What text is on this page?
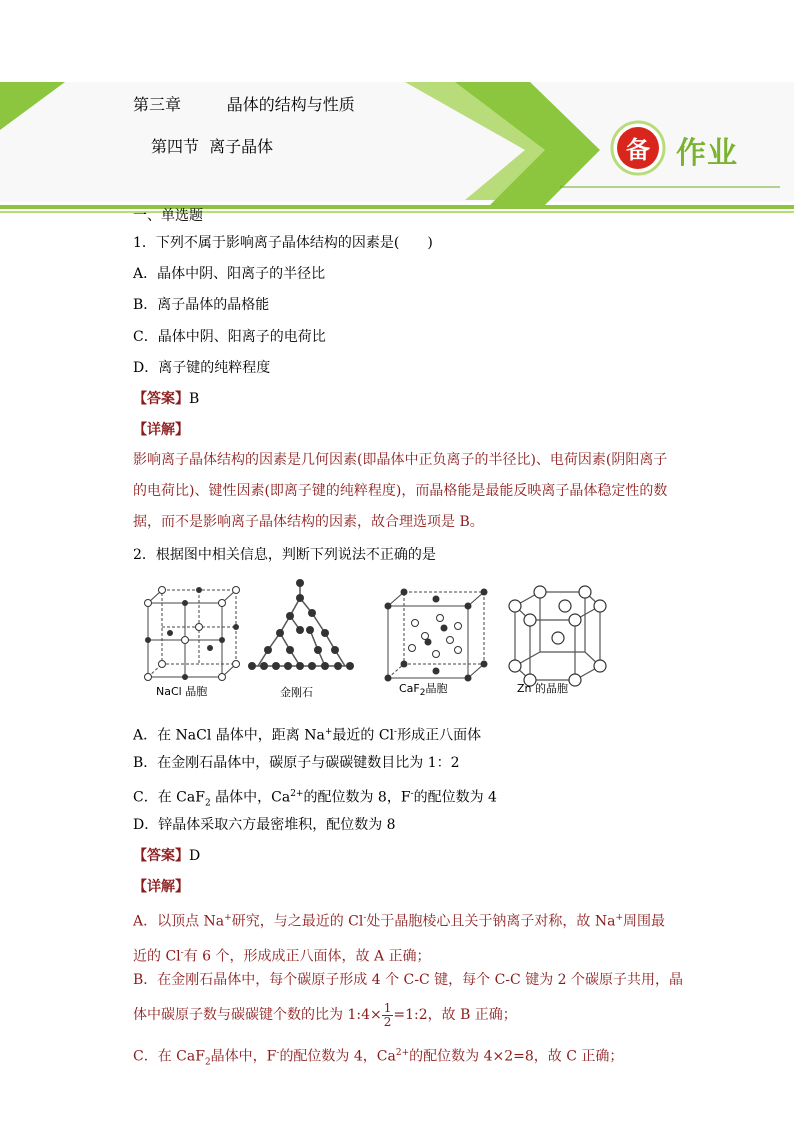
备
第三章         晶体的结构与性质
第四节  离子晶体	作业
一、单选题
1．下列不属于影响离子晶体结构的因素是(　　)
A．晶体中阴、阳离子的半径比
B．离子晶体的晶格能
C．晶体中阴、阳离子的电荷比
D．离子键的纯粹程度
【答案】B
【详解】
影响离子晶体结构的因素是几何因素(即晶体中正负离子的半径比)、电荷因素(阴阳离子的电荷比)、键性因素(即离子键的纯粹程度)，而晶格能是最能反映离子晶体稳定性的数据，而不是影响离子晶体结构的因素，故合理选项是 B。
2．根据图中相关信息，判断下列说法不正确的是
NaCl 晶胞	金刚石	CaF$_2$晶胞	Zn 的晶胞
A．在 NaCl 晶体中，距离 Na+最近的 Cl-形成正八面体
B．在金刚石晶体中，碳原子与碳碳键数目比为 1：2
C．在 CaF$_2$ 晶体中，$Ca^{2+}$的配位数为 8，F-的配位数为 4
D．锌晶体采取六方最密堆积，配位数为 8
【答案】D
【详解】
A．以顶点 Na+研究，与之最近的 Cl-处于晶胞棱心且关于钠离子对称，故 Na+周围最近的 Cl-有 6 个，形成成正八面体，故 A 正确；
B．在金刚石晶体中，每个碳原子形成 4 个 C-C 键，每个 C-C 键为 2 个碳原子共用，晶
体中碳原子数与碳碳键个数的比为 1:4× $\frac{1}{2}$ =1:2，故 B 正确；
C．在 CaF$_2$晶体中，F-的配位数为 4，$Ca^{2+}$的配位数为 4×2=8，故 C 正确；
